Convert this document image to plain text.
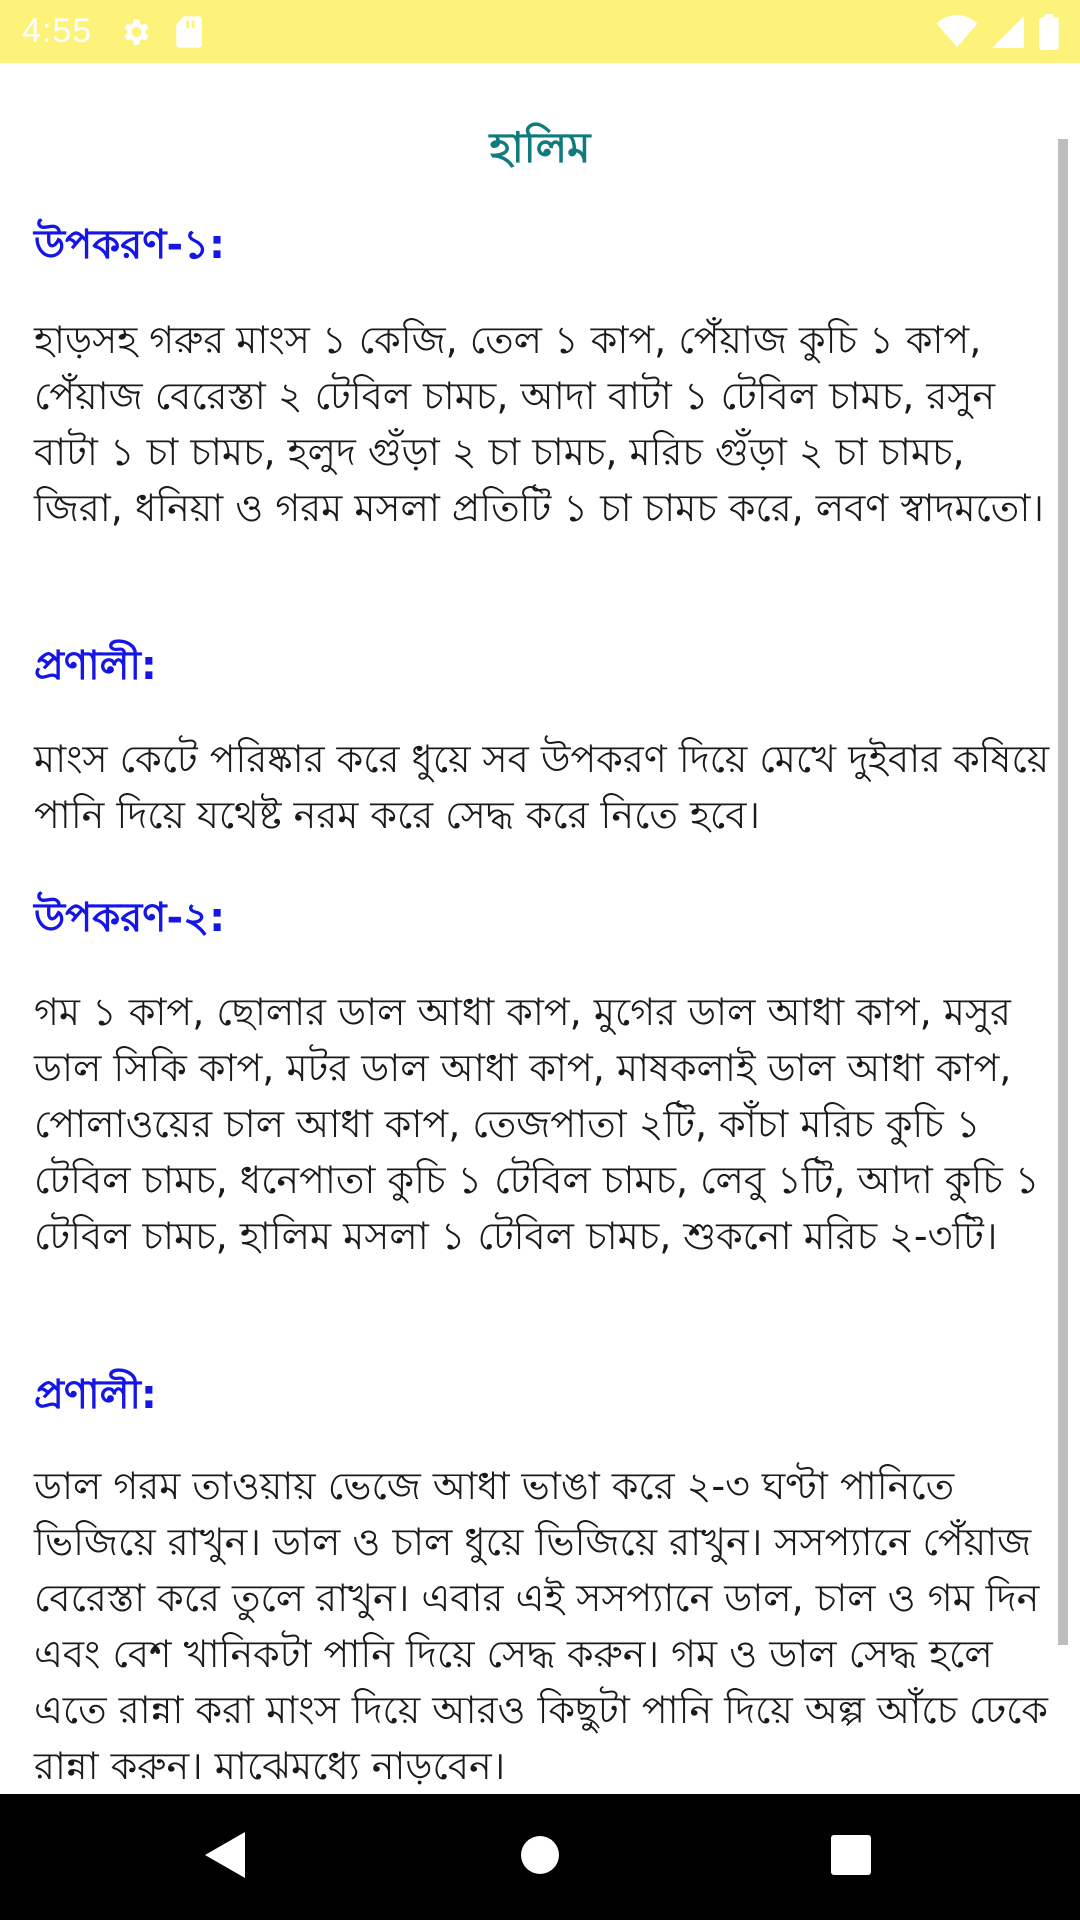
4:55
হালিম
উপকরণ-১:
হাড়সহ গরুর মাংস ১ কেজি, তেল ১ কাপ, পেঁয়াজ কুচি ১ কাপ, পেঁয়াজ বেরেস্তা ২ টেবিল চামচ, আদা বাটা ১ টেবিল চামচ, রসুন বাটা ১ চা চামচ, হলুদ গুঁড়া ২ চা চামচ, মরিচ গুঁড়া ২ চা চামচ, জিরা, ধনিয়া ও গরম মসলা প্রতিটি ১ চা চামচ করে, লবণ স্বাদমতো।
প্রণালী:
মাংস কেটে পরিষ্কার করে ধুয়ে সব উপকরণ দিয়ে মেখে দুইবার কষিয়ে পানি দিয়ে যথেষ্ট নরম করে সেদ্ধ করে নিতে হবে।
উপকরণ-২:
গম ১ কাপ, ছোলার ডাল আধা কাপ, মুগের ডাল আধা কাপ, মসুর ডাল সিকি কাপ, মটর ডাল আধা কাপ, মাষকলাই ডাল আধা কাপ, পোলাওয়ের চাল আধা কাপ, তেজপাতা ২টি, কাঁচা মরিচ কুচি ১ টেবিল চামচ, ধনেপাতা কুচি ১ টেবিল চামচ, লেবু ১টি, আদা কুচি ১ টেবিল চামচ, হালিম মসলা ১ টেবিল চামচ, শুকনো মরিচ ২-৩টি।
প্রণালী:
ডাল গরম তাওয়ায় ভেজে আধা ভাঙা করে ২-৩ ঘণ্টা পানিতে ভিজিয়ে রাখুন। ডাল ও চাল ধুয়ে ভিজিয়ে রাখুন। সসপ্যানে পেঁয়াজ বেরেস্তা করে তুলে রাখুন। এবার এই সসপ্যানে ডাল, চাল ও গম দিন এবং বেশ খানিকটা পানি দিয়ে সেদ্ধ করুন। গম ও ডাল সেদ্ধ হলে এতে রান্না করা মাংস দিয়ে আরও কিছুটা পানি দিয়ে অল্প আঁচে ঢেকে রান্না করুন। মাঝেমধ্যে নাড়বেন।
